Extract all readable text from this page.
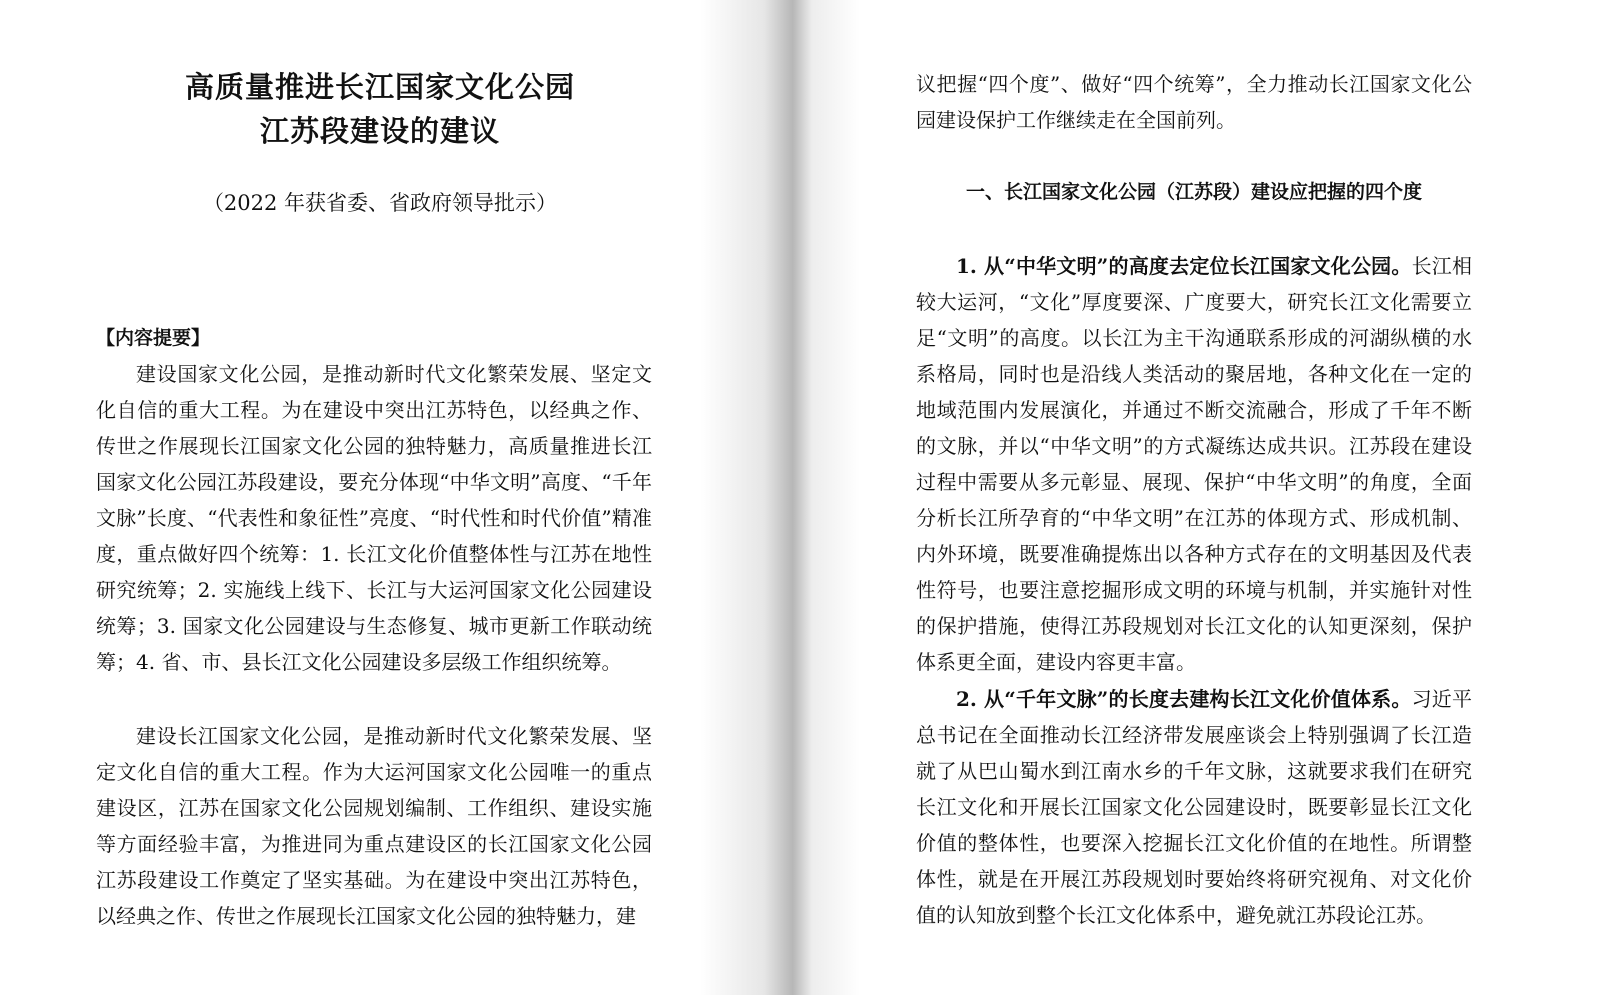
高质量推进长江国家文化公园
江苏段建设的建议
（2022 年获省委、省政府领导批示）
【内容提要】

建设国家文化公园，是推动新时代文化繁荣发展、坚定文化自信的重大工程。为在建设中突出江苏特色，以经典之作、传世之作展现长江国家文化公园的独特魅力，高质量推进长江国家文化公园江苏段建设，要充分体现“中华文明”高度、“千年文脉”长度、“代表性和象征性”亮度、“时代性和时代价值”精准度，重点做好四个统筹：1. 长江文化价值整体性与江苏在地性研究统筹；2. 实施线上线下、长江与大运河国家文化公园建设统筹；3. 国家文化公园建设与生态修复、城市更新工作联动统筹；4. 省、市、县长江文化公园建设多层级工作组织统筹。

建设长江国家文化公园，是推动新时代文化繁荣发展、坚定文化自信的重大工程。作为大运河国家文化公园唯一的重点建设区，江苏在国家文化公园规划编制、工作组织、建设实施等方面经验丰富，为推进同为重点建设区的长江国家文化公园江苏段建设工作奠定了坚实基础。为在建设中突出江苏特色，以经典之作、传世之作展现长江国家文化公园的独特魅力，建

议把握“四个度”、做好“四个统筹”，全力推动长江国家文化公园建设保护工作继续走在全国前列。

一、长江国家文化公园（江苏段）建设应把握的四个度

1. 从“中华文明”的高度去定位长江国家文化公园。长江相较大运河，“文化”厚度要深、广度要大，研究长江文化需要立足“文明”的高度。以长江为主干沟通联系形成的河湖纵横的水系格局，同时也是沿线人类活动的聚居地，各种文化在一定的地域范围内发展演化，并通过不断交流融合，形成了千年不断的文脉，并以“中华文明”的方式凝练达成共识。江苏段在建设过程中需要从多元彰显、展现、保护“中华文明”的角度，全面分析长江所孕育的“中华文明”在江苏的体现方式、形成机制、内外环境，既要准确提炼出以各种方式存在的文明基因及代表性符号，也要注意挖掘形成文明的环境与机制，并实施针对性的保护措施，使得江苏段规划对长江文化的认知更深刻，保护体系更全面，建设内容更丰富。

2. 从“千年文脉”的长度去建构长江文化价值体系。习近平总书记在全面推动长江经济带发展座谈会上特别强调了长江造就了从巴山蜀水到江南水乡的千年文脉，这就要求我们在研究长江文化和开展长江国家文化公园建设时，既要彰显长江文化价值的整体性，也要深入挖掘长江文化价值的在地性。所谓整体性，就是在开展江苏段规划时要始终将研究视角、对文化价值的认知放到整个长江文化体系中，避免就江苏段论江苏。
